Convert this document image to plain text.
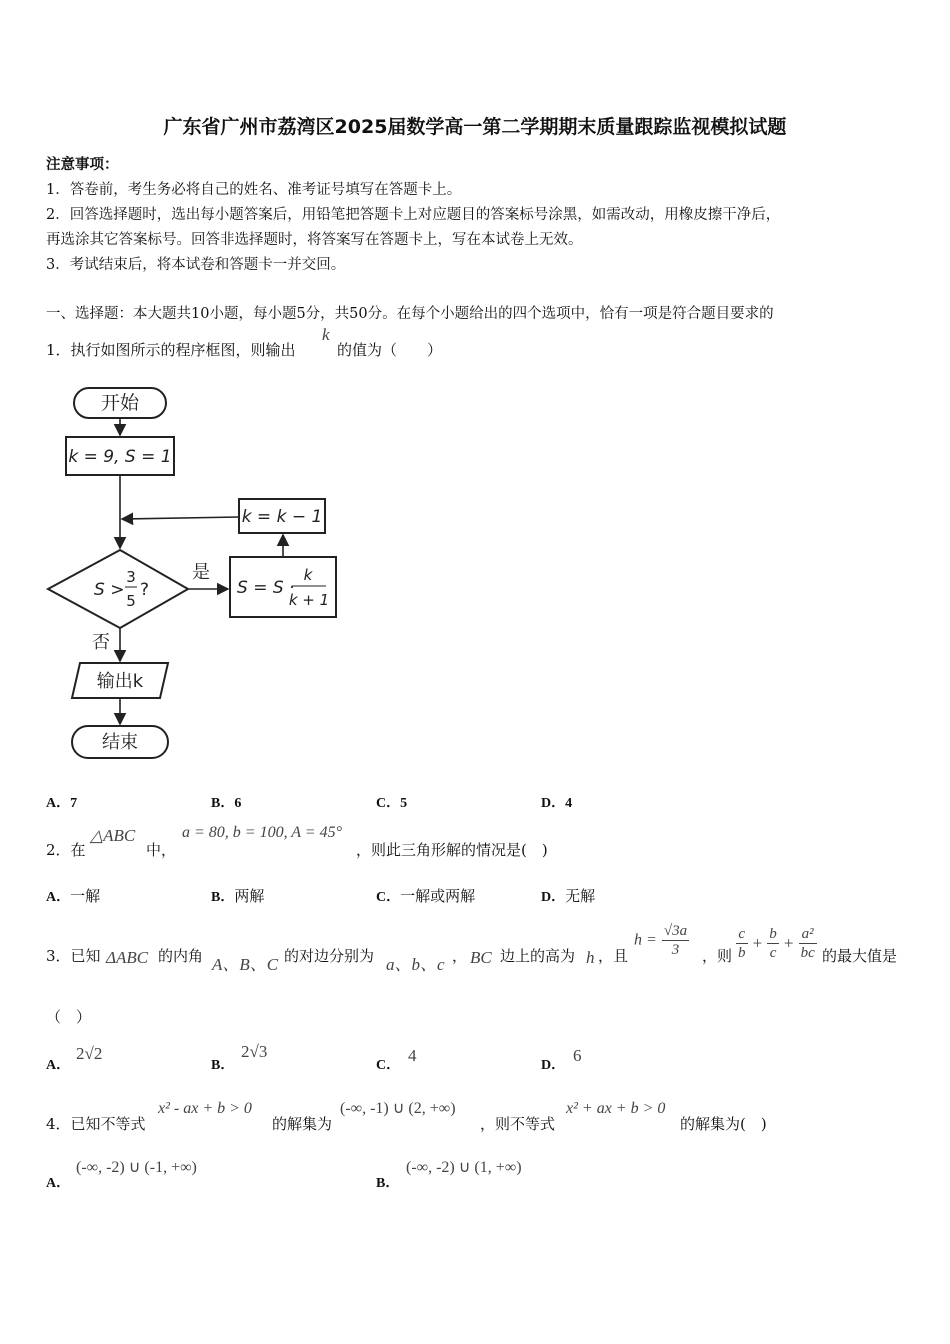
广东省广州市荔湾区2025届数学高一第二学期期末质量跟踪监视模拟试题
注意事项：
1．答卷前，考生务必将自己的姓名、准考证号填写在答题卡上。
2．回答选择题时，选出每小题答案后，用铅笔把答题卡上对应题目的答案标号涂黑，如需改动，用橡皮擦干净后，
再选涂其它答案标号。回答非选择题时，将答案写在答题卡上，写在本试卷上无效。
3．考试结束后，将本试卷和答题卡一并交回。
一、选择题：本大题共10小题，每小题5分，共50分。在每个小题给出的四个选项中，恰有一项是符合题目要求的
1．执行如图所示的程序框图，则输出
k
的值为（　　）
开始
k = 9, S = 1
k = k − 1
S >
3
5
?
是
否
S = S ·
k
k + 1
输出k
结束
A．7	B．6	C．5	D．4
2．在
△ABC
中，
a = 80, b = 100, A = 45°
，则此三角形解的情况是(　)
A．一解	B．两解	C．一解或两解	D．无解
3．已知 ΔABC 的内角 A、B、C 的对边分别为 a、b、c ， BC 边上的高为 h ，且
$h = \frac{√3a}{3}$ ，则 $\frac{c}{b} + \frac{b}{c} + \frac{\text{a²}}{bc}$ 的最大值是
（　）
A．
2√2
B．
2√3
C．
4
D．
6
4．已知不等式
x² - ax + b > 0
的解集为
(-∞, -1) ∪ (2, +∞)
，则不等式
x² + ax + b > 0
的解集为(　)
A．
(-∞, -2) ∪ (-1, +∞)
B．
(-∞, -2) ∪ (1, +∞)
